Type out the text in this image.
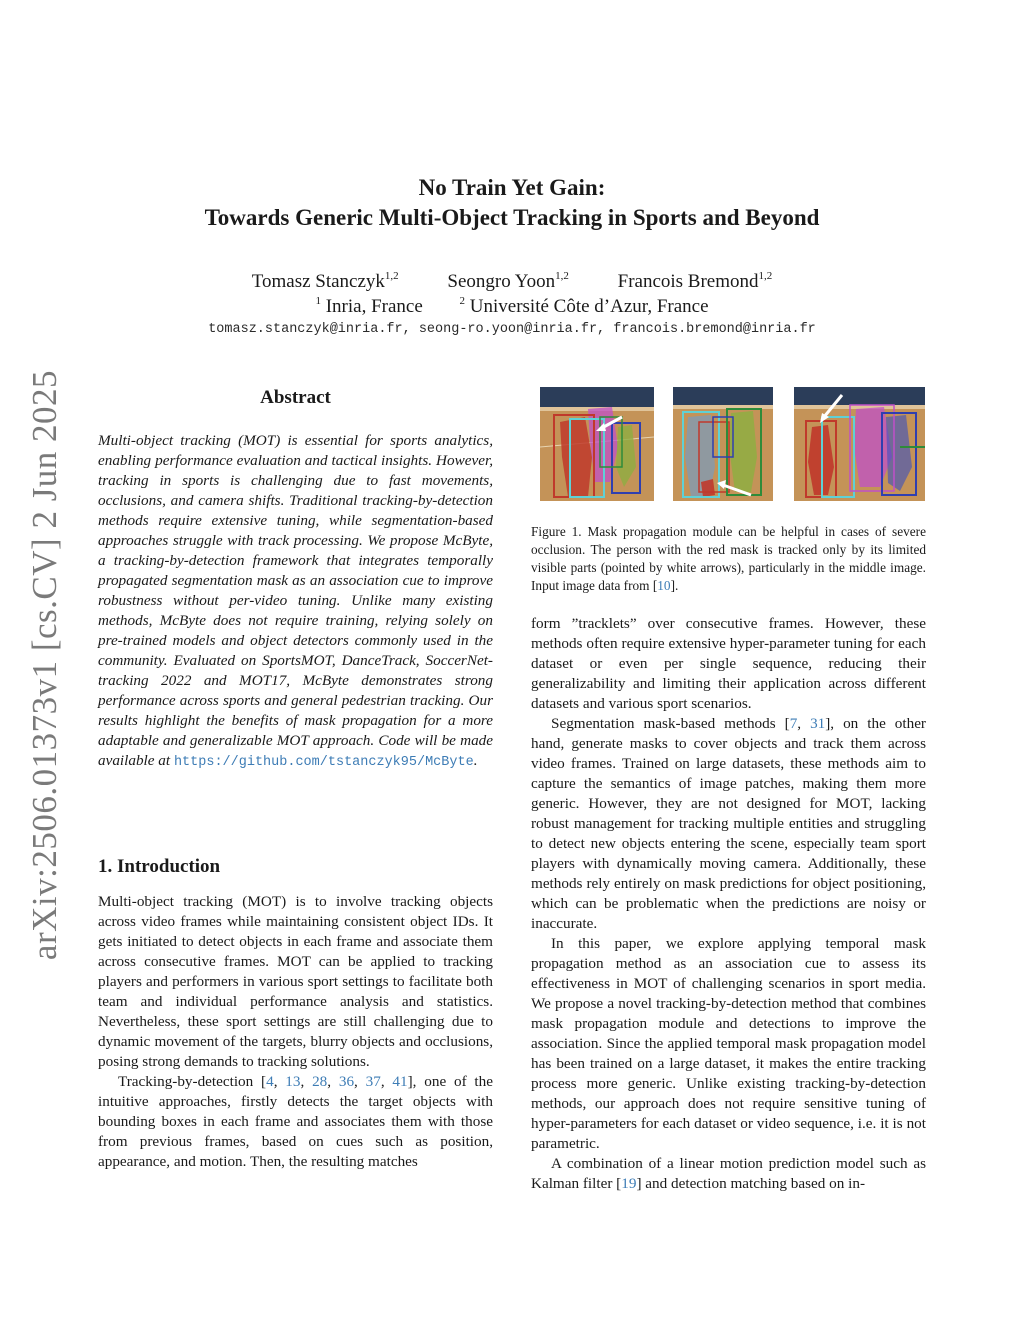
arXiv:2506.01373v1 [cs.CV] 2 Jun 2025
No Train Yet Gain:
Towards Generic Multi-Object Tracking in Sports and Beyond
Tomasz Stanczyk$^{1,2}$	Seongro Yoon$^{1,2}$	Francois Bremond$^{1,2}$
$^1$ Inria, France	$^2$ Université Côte d’Azur, France
tomasz.stanczyk@inria.fr, seong-ro.yoon@inria.fr, francois.bremond@inria.fr
Abstract
Multi-object tracking (MOT) is essential for sports analytics, enabling performance evaluation and tactical insights. However, tracking in sports is challenging due to fast movements, occlusions, and camera shifts. Traditional tracking-by-detection methods require extensive tuning, while segmentation-based approaches struggle with track processing. We propose McByte, a tracking-by-detection framework that integrates temporally propagated segmentation mask as an association cue to improve robustness without per-video tuning. Unlike many existing methods, McByte does not require training, relying solely on pre-trained models and object detectors commonly used in the community. Evaluated on SportsMOT, DanceTrack, SoccerNet-tracking 2022 and MOT17, McByte demonstrates strong performance across sports and general pedestrian tracking. Our results highlight the benefits of mask propagation for a more adaptable and generalizable MOT approach. Code will be made available at https://github.com/tstanczyk95/McByte.
1. Introduction

Multi-object tracking (MOT) is to involve tracking objects across video frames while maintaining consistent object IDs. It gets initiated to detect objects in each frame and associate them across consecutive frames. MOT can be applied to tracking players and performers in various sport settings to facilitate both team and individual performance analysis and statistics. Nevertheless, these sport settings are still challenging due to dynamic movement of the targets, blurry objects and occlusions, posing strong demands to tracking solutions.

Tracking-by-detection [4, 13, 28, 36, 37, 41], one of the intuitive approaches, firstly detects the target objects with bounding boxes in each frame and associates them with those from previous frames, based on cues such as position, appearance, and motion. Then, the resulting matches

Figure 1. Mask propagation module can be helpful in cases of severe occlusion. The person with the red mask is tracked only by its limited visible parts (pointed by white arrows), particularly in the middle image. Input image data from [10].

form ”tracklets” over consecutive frames. However, these methods often require extensive hyper-parameter tuning for each dataset or even per single sequence, reducing their generalizability and limiting their application across different datasets and various sport scenarios.

Segmentation mask-based methods [7, 31], on the other hand, generate masks to cover objects and track them across video frames. Trained on large datasets, these methods aim to capture the semantics of image patches, making them more generic. However, they are not designed for MOT, lacking robust management for tracking multiple entities and struggling to detect new objects entering the scene, especially team sport players with dynamically moving camera. Additionally, these methods rely entirely on mask predictions for object positioning, which can be problematic when the predictions are noisy or inaccurate.

In this paper, we explore applying temporal mask propagation method as an association cue to assess its effectiveness in MOT of challenging scenarios in sport media. We propose a novel tracking-by-detection method that combines mask propagation module and detections to improve the association. Since the applied temporal mask propagation model has been trained on a large dataset, it makes the entire tracking process more generic. Unlike existing tracking-by-detection methods, our approach does not require sensitive tuning of hyper-parameters for each dataset or video sequence, i.e. it is not parametric.

A combination of a linear motion prediction model such as Kalman filter [19] and detection matching based on in-
